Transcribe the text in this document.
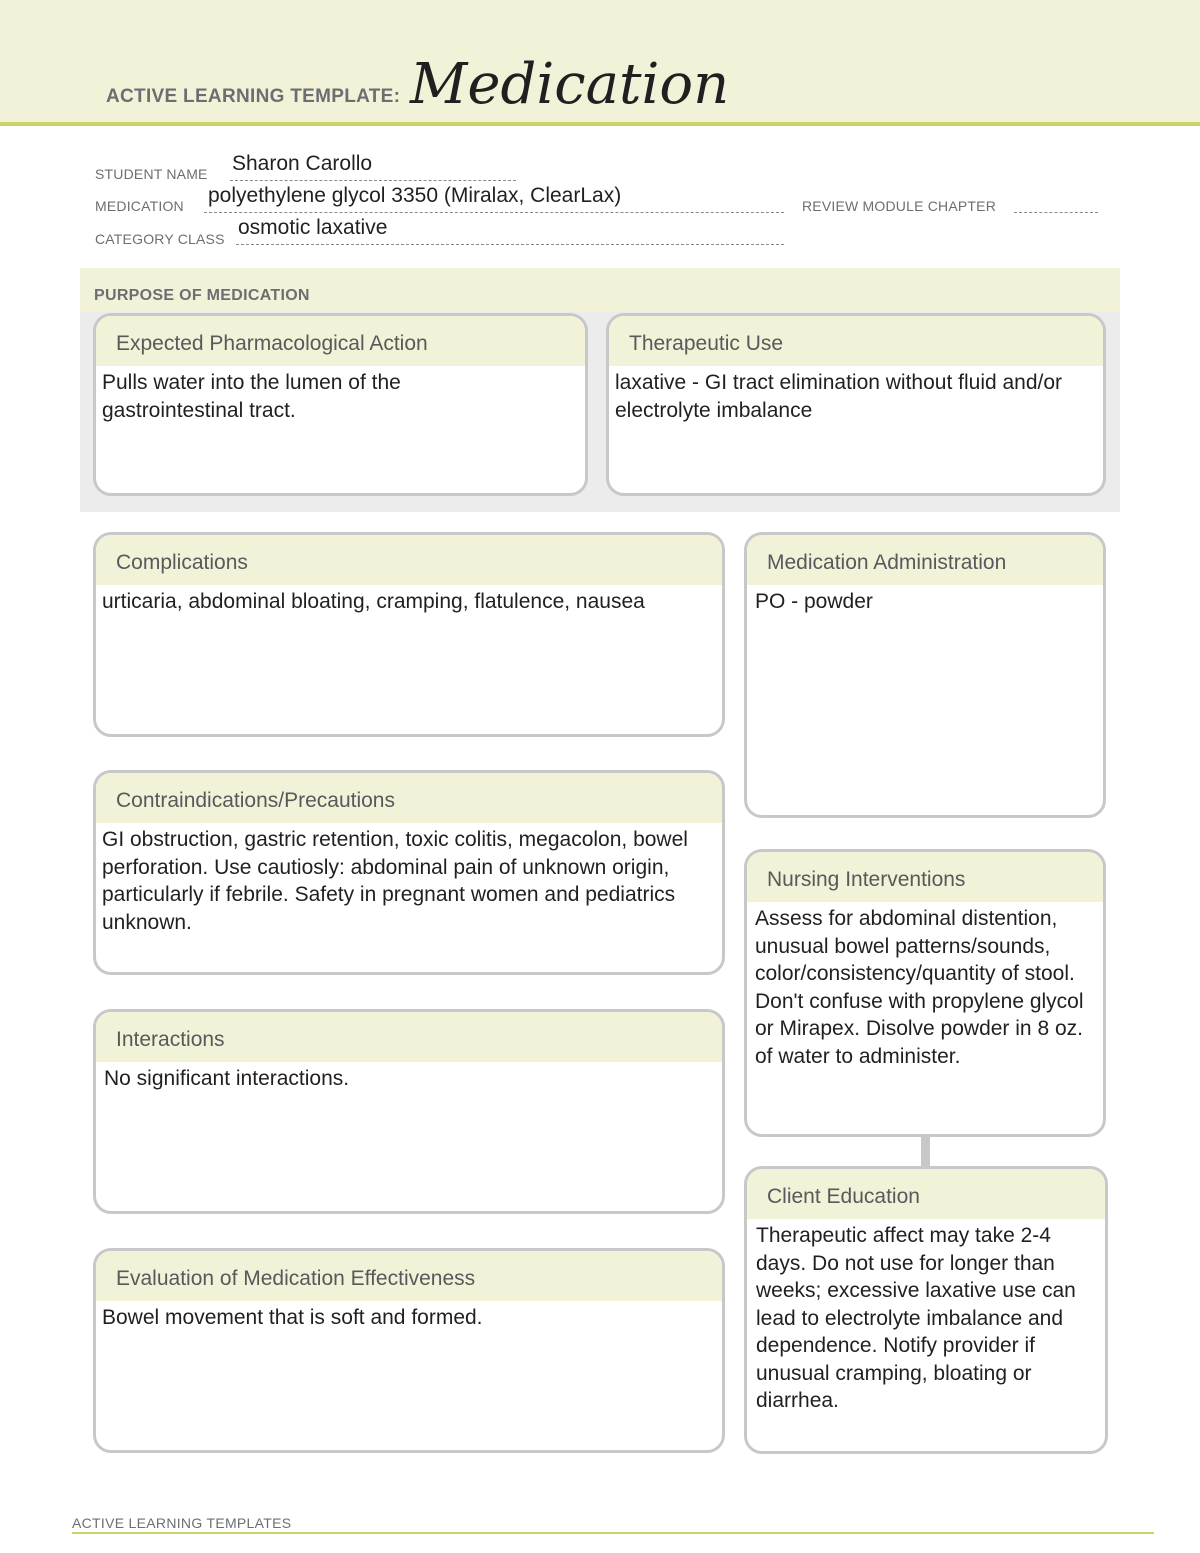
ACTIVE LEARNING TEMPLATE: Medication
STUDENT NAME Sharon Carollo
MEDICATION polyethylene glycol 3350 (Miralax, ClearLax)	REVIEW MODULE CHAPTER
CATEGORY CLASS osmotic laxative
PURPOSE OF MEDICATION
Expected Pharmacological Action
Pulls water into the lumen of the gastrointestinal tract.
Therapeutic Use
laxative - GI tract elimination without fluid and/or electrolyte imbalance
Complications
urticaria, abdominal bloating, cramping, flatulence, nausea
Contraindications/Precautions
GI obstruction, gastric retention, toxic colitis, megacolon, bowel perforation. Use cautiosly: abdominal pain of unknown origin, particularly if febrile. Safety in pregnant women and pediatrics unknown.
Interactions
No significant interactions.
Evaluation of Medication Effectiveness
Bowel movement that is soft and formed.
Medication Administration
PO - powder
Nursing Interventions
Assess for abdominal distention, unusual bowel patterns/sounds, color/consistency/quantity of stool. Don't confuse with propylene glycol or Mirapex. Disolve powder in 8 oz. of water to administer.
Client Education
Therapeutic affect may take 2-4 days. Do not use for longer than weeks; excessive laxative use can lead to electrolyte imbalance and dependence. Notify provider if unusual cramping, bloating or diarrhea.
ACTIVE LEARNING TEMPLATES
